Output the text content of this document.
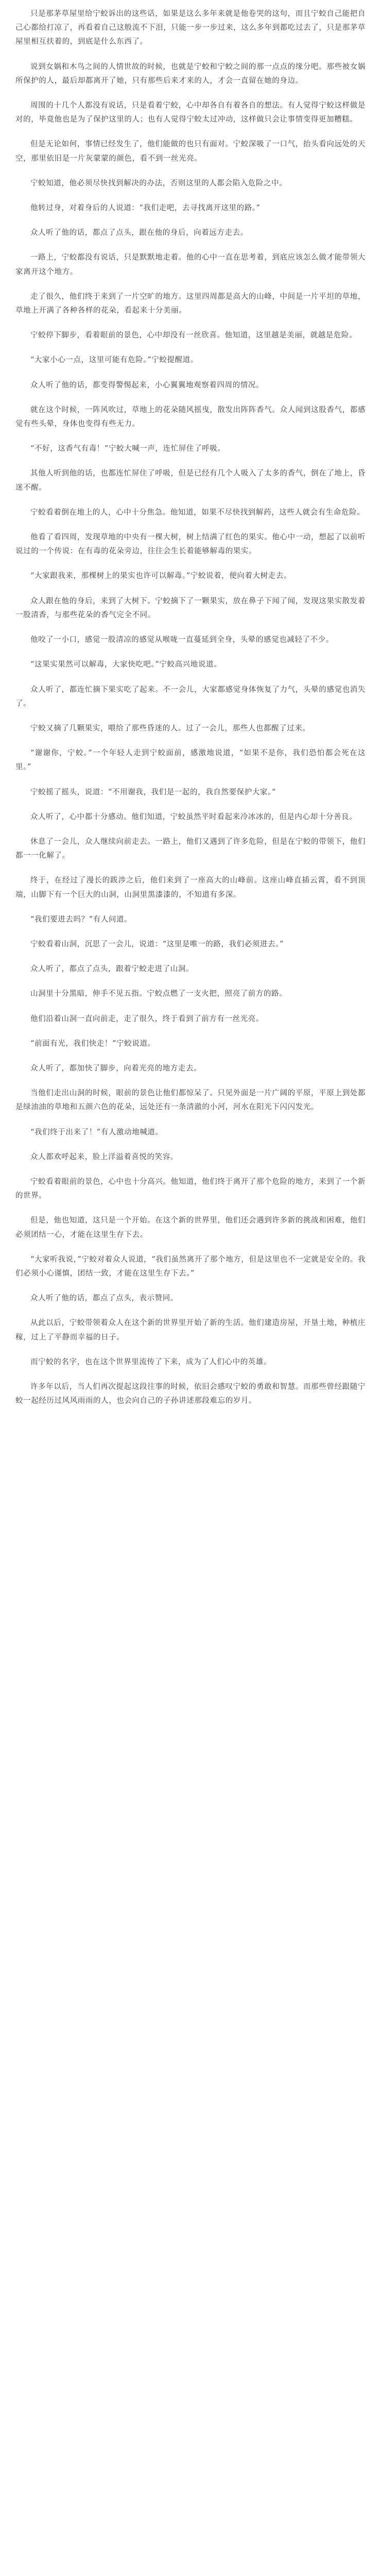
只是那茅草屋里给宁蛟诉出的这些话，如果是这么多年来就是他卷哭的这句，而且宁蛟自己能把自己心都给打凉了，再看着自己这般流不下泪，只能一步一步过来，这么多年到都吃过去了，只是那茅草屋里相互扶着的，到底是什么东西了。

说到女娲和木鸟之间的人情世故的时候，也就是宁蛟和宁蛟之间的那一点点的缘分吧。那些被女娲所保护的人，最后却都离开了她，只有那些后来才来的人，才会一直留在她的身边。

周围的十几个人都没有说话，只是看着宁蛟，心中却各自有着各自的想法。有人觉得宁蛟这样做是对的，毕竟他也是为了保护这里的人；也有人觉得宁蛟太过冲动，这样做只会让事情变得更加糟糕。

但是无论如何，事情已经发生了，他们能做的也只有面对。宁蛟深吸了一口气，抬头看向远处的天空，那里依旧是一片灰蒙蒙的颜色，看不到一丝光亮。

宁蛟知道，他必须尽快找到解决的办法，否则这里的人都会陷入危险之中。

他转过身，对着身后的人说道：“我们走吧，去寻找离开这里的路。”

众人听了他的话，都点了点头，跟在他的身后，向着远方走去。

一路上，宁蛟都没有说话，只是默默地走着。他的心中一直在思考着，到底应该怎么做才能带领大家离开这个地方。

走了很久，他们终于来到了一片空旷的地方。这里四周都是高大的山峰，中间是一片平坦的草地，草地上开满了各种各样的花朵，看起来十分美丽。

宁蛟停下脚步，看着眼前的景色，心中却没有一丝欣喜。他知道，这里越是美丽，就越是危险。

“大家小心一点，这里可能有危险。”宁蛟提醒道。

众人听了他的话，都变得警惕起来，小心翼翼地观察着四周的情况。

就在这个时候，一阵风吹过，草地上的花朵随风摇曳，散发出阵阵香气。众人闻到这股香气，都感觉有些头晕，身体也变得有些无力。

“不好，这香气有毒！”宁蛟大喊一声，连忙屏住了呼吸。

其他人听到他的话，也都连忙屏住了呼吸，但是已经有几个人吸入了太多的香气，倒在了地上，昏迷不醒。

宁蛟看着倒在地上的人，心中十分焦急。他知道，如果不尽快找到解药，这些人就会有生命危险。

他看了看四周，发现草地的中央有一棵大树，树上结满了红色的果实。他心中一动，想起了以前听说过的一个传说：在有毒的花朵旁边，往往会生长着能够解毒的果实。

“大家跟我来，那棵树上的果实也许可以解毒。”宁蛟说着，便向着大树走去。

众人跟在他的身后，来到了大树下。宁蛟摘下了一颗果实，放在鼻子下闻了闻，发现这果实散发着一股清香，与那些花朵的香气完全不同。

他咬了一小口，感觉一股清凉的感觉从喉咙一直蔓延到全身，头晕的感觉也减轻了不少。

“这果实果然可以解毒，大家快吃吧。”宁蛟高兴地说道。

众人听了，都连忙摘下果实吃了起来。不一会儿，大家都感觉身体恢复了力气，头晕的感觉也消失了。

宁蛟又摘了几颗果实，喂给了那些昏迷的人。过了一会儿，那些人也都醒了过来。

“谢谢你，宁蛟。”一个年轻人走到宁蛟面前，感激地说道，“如果不是你，我们恐怕都会死在这里。”

宁蛟摇了摇头，说道：“不用谢我，我们是一起的，我自然要保护大家。”

众人听了，心中都十分感动。他们知道，宁蛟虽然平时看起来冷冰冰的，但是内心却十分善良。

休息了一会儿，众人继续向前走去。一路上，他们又遇到了许多危险，但是在宁蛟的带领下，他们都一一化解了。

终于，在经过了漫长的跋涉之后，他们来到了一座高大的山峰前。这座山峰直插云霄，看不到顶端，山脚下有一个巨大的山洞，山洞里黑漆漆的，不知道有多深。

“我们要进去吗？”有人问道。

宁蛟看着山洞，沉思了一会儿，说道：“这里是唯一的路，我们必须进去。”

众人听了，都点了点头，跟着宁蛟走进了山洞。

山洞里十分黑暗，伸手不见五指。宁蛟点燃了一支火把，照亮了前方的路。

他们沿着山洞一直向前走，走了很久，终于看到了前方有一丝光亮。

“前面有光，我们快走！”宁蛟说道。

众人听了，都加快了脚步，向着光亮的地方走去。

当他们走出山洞的时候，眼前的景色让他们都惊呆了。只见外面是一片广阔的平原，平原上到处都是绿油油的草地和五颜六色的花朵，远处还有一条清澈的小河，河水在阳光下闪闪发光。

“我们终于出来了！”有人激动地喊道。

众人都欢呼起来，脸上洋溢着喜悦的笑容。

宁蛟看着眼前的景色，心中也十分高兴。他知道，他们终于离开了那个危险的地方，来到了一个新的世界。

但是，他也知道，这只是一个开始。在这个新的世界里，他们还会遇到许多新的挑战和困难，他们必须团结一心，才能在这里生存下去。

“大家听我说，”宁蛟对着众人说道，“我们虽然离开了那个地方，但是这里也不一定就是安全的。我们必须小心谨慎，团结一致，才能在这里生存下去。”

众人听了他的话，都点了点头，表示赞同。

从此以后，宁蛟带领着众人在这个新的世界里开始了新的生活。他们建造房屋，开垦土地，种植庄稼，过上了平静而幸福的日子。

而宁蛟的名字，也在这个世界里流传了下来，成为了人们心中的英雄。

许多年以后，当人们再次提起这段往事的时候，依旧会感叹宁蛟的勇敢和智慧。而那些曾经跟随宁蛟一起经历过风风雨雨的人，也会向自己的子孙讲述那段难忘的岁月。
